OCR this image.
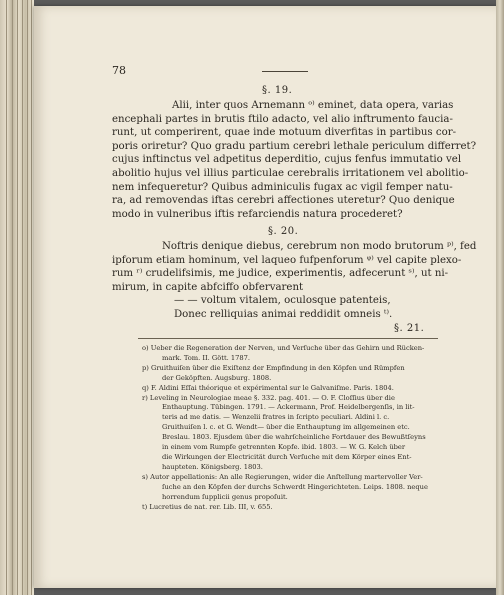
78
§. 19.
Alii, inter quos Arnemann ᵒ⁾ eminet, data opera, varias
encephali partes in brutis ftilo adacto, vel alio inftrumento faucia-
runt, ut comperirent, quae inde motuum diverfitas in partibus cor-
poris oriretur? Quo gradu partium cerebri lethale periculum differret?
cujus inftinctus vel adpetitus deperditio, cujus fenfus immutatio vel
abolitio hujus vel illius particulae cerebralis irritationem vel abolitio-
nem infequeretur? Quibus adminiculis fugax ac vigil femper natu-
ra, ad removendas iftas cerebri affectiones uteretur? Quo denique
modo in vulneribus iftis refarciendis natura procederet?
§. 20.
Noftris denique diebus, cerebrum non modo brutorum ᵖ⁾, fed
ipforum etiam hominum, vel laqueo fufpenforum ᵠ⁾ vel capite plexo-
rum ʳ⁾ crudelifsimis, me judice, experimentis, adfecerunt ˢ⁾, ut ni-
mirum, in capite abfciffo obfervarent
— — voltum vitalem, oculosque patenteis,
Donec relliquias animai reddidit omneis ᵗ⁾.
§. 21.
o) Ueber die Regeneration der Nerven, und Verſuche über das Gehirn und Rücken-
mark. Tom. II. Gött. 1787.
p) Gruithuiſen über die Exiſtenz der Empfindung in den Köpfen und Rümpfen
der Geköpften. Augsburg. 1808.
q) F. Aldini Eſſai théorique et expérimental sur le Galvaniſme. Paris. 1804.
r) Leveling in Neurologiae meae §. 332. pag. 401. — O. F. Cloſſius über die
Enthauptung. Tübingen. 1791. — Ackermann, Prof. Heidelbergenſis, in lit-
teris ad me datis. — Wenzelii fratres in ſcripto peculiari. Aldini l. c.
Gruithuiſen l. c. et G. Wendt— über die Enthauptung im allgemeinen etc.
Breslau. 1803. Ejusdem über die wahrſcheinliche Fortdauer des Bewußtſeyns
in einem vom Rumpfe getrennten Kopfe. ibid. 1803. — W. G. Kelch über
die Wirkungen der Electricität durch Verſuche mit dem Körper eines Ent-
haupteten. Königsberg. 1803.
s) Autor appellationis: An alle Regierungen, wider die Anſtellung martervoller Ver-
ſuche an den Köpfen der durchs Schwerdt Hingerichteten. Leips. 1808. neque
horrendum ſupplicii genus propoſuit.
t) Lucretius de nat. rer. Lib. III, v. 655.
